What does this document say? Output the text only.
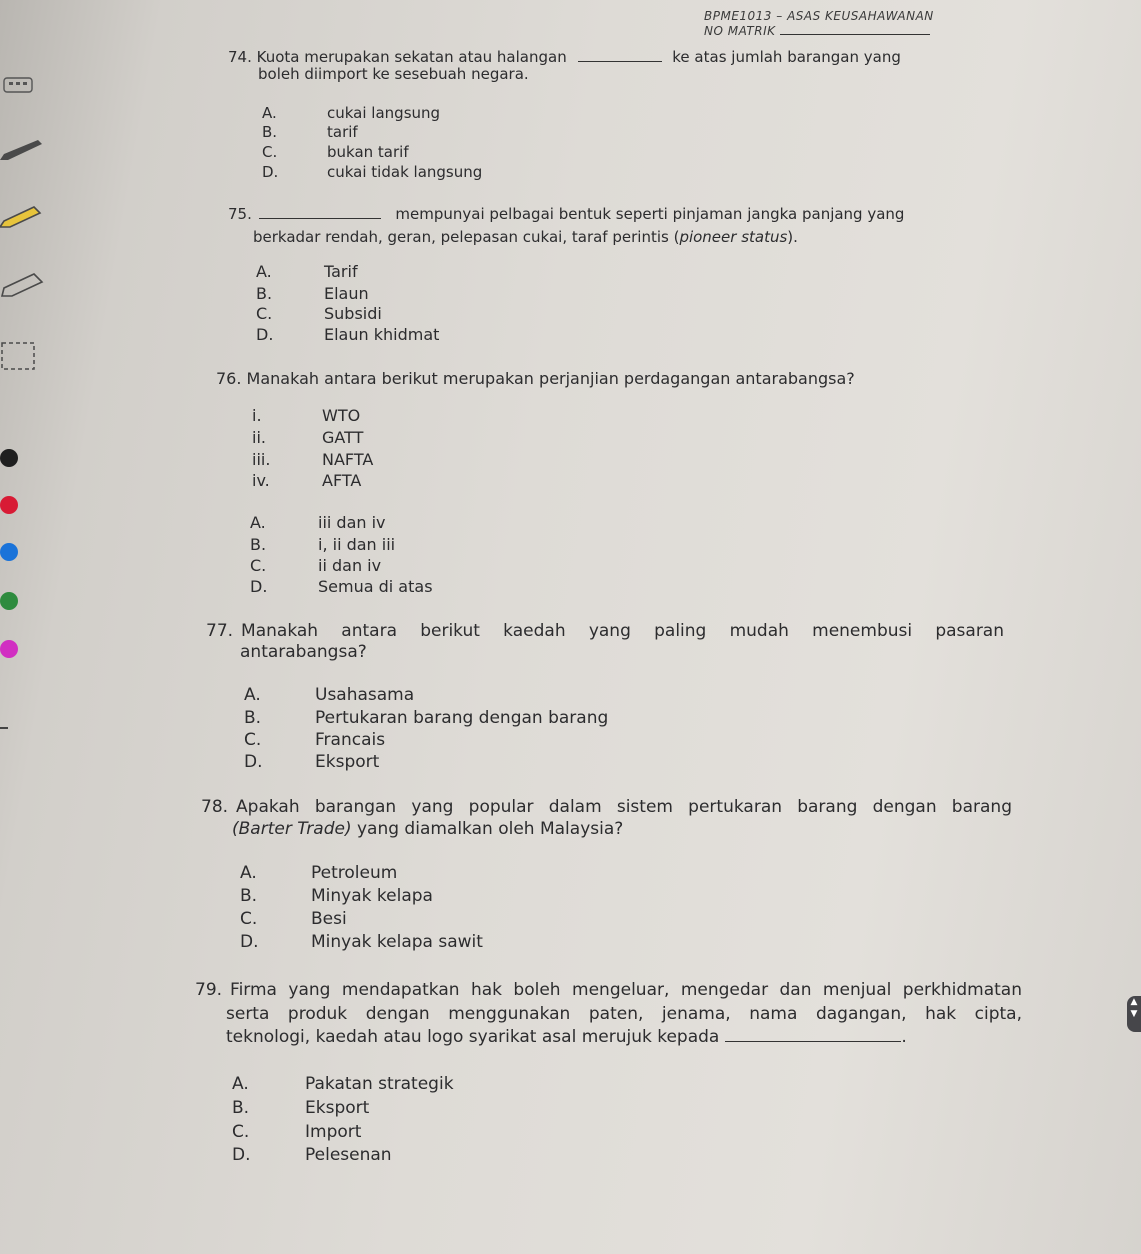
BPME1013 – ASAS KEUSAHAWANAN
NO MATRIK
74. Kuota merupakan sekatan atau halangan	ke atas jumlah barangan yang
boleh diimport ke sesebuah negara.
A.	cukai langsung
B.	tarif
C.	bukan tarif
D.	cukai tidak langsung
75.	mempunyai pelbagai bentuk seperti pinjaman jangka panjang yang
berkadar rendah, geran, pelepasan cukai, taraf perintis (pioneer status).
A.	Tarif
B.	Elaun
C.	Subsidi
D.	Elaun khidmat
76. Manakah antara berikut merupakan perjanjian perdagangan antarabangsa?
i.	WTO
ii.	GATT
iii.	NAFTA
iv.	AFTA
A.	iii dan iv
B.	i, ii dan iii
C.	ii dan iv
D.	Semua di atas
77. Manakah antara berikut kaedah yang paling mudah menembusi pasaran
antarabangsa?
A.	Usahasama
B.	Pertukaran barang dengan barang
C.	Francais
D.	Eksport
78. Apakah barangan yang popular dalam sistem pertukaran barang dengan barang
(Barter Trade) yang diamalkan oleh Malaysia?
A.	Petroleum
B.	Minyak kelapa
C.	Besi
D.	Minyak kelapa sawit
79. Firma yang mendapatkan hak boleh mengeluar, mengedar dan menjual perkhidmatan
serta produk dengan menggunakan paten, jenama, nama dagangan, hak cipta,
teknologi, kaedah atau logo syarikat asal merujuk kepada	.
A.	Pakatan strategik
B.	Eksport
C.	Import
D.	Pelesenan
▲
▼
